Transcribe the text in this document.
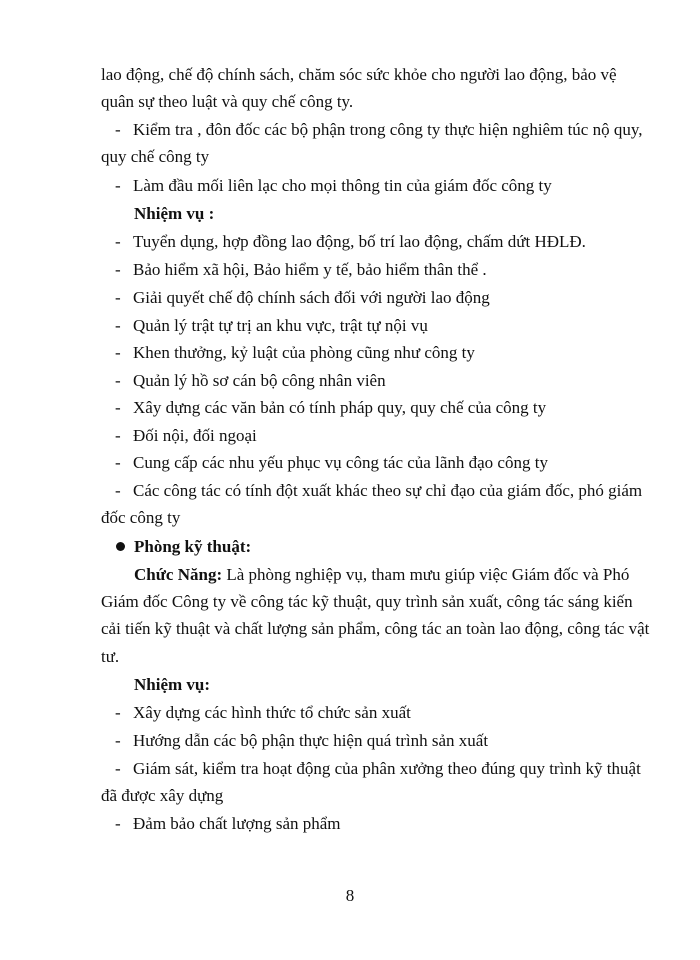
lao động, chế độ chính sách, chăm sóc sức khỏe cho người lao động, bảo vệ
quân sự theo luật và quy chế công ty.
- Kiểm tra , đôn đốc các bộ phận trong công ty thực hiện nghiêm túc nộ quy,
quy chế công ty
- Làm đầu mối liên lạc cho mọi thông tin của giám đốc công ty
Nhiệm vụ :
- Tuyển dụng, hợp đồng lao động, bố trí lao động, chấm dứt HĐLĐ.
- Bảo hiểm xã hội, Bảo hiểm y tế, bảo hiểm thân thể .
- Giải quyết chế độ chính sách đối với người lao động
- Quản lý trật tự trị an khu vực, trật tự nội vụ
- Khen thưởng, kỷ luật của phòng cũng như công ty
- Quản lý hồ sơ cán bộ công nhân viên
- Xây dựng các văn bản có tính pháp quy, quy chế của công ty
- Đối nội, đối ngoại
- Cung cấp các nhu yếu phục vụ công tác của lãnh đạo công ty
- Các công tác có tính đột xuất khác theo sự chỉ đạo của giám đốc, phó giám
đốc công ty
Phòng kỹ thuật:
Chức Năng: Là phòng nghiệp vụ, tham mưu giúp việc Giám đốc và Phó
Giám đốc Công ty về công tác kỹ thuật, quy trình sản xuất, công tác sáng kiến
cải tiến kỹ thuật và chất lượng sản phẩm, công tác an toàn lao động, công tác vật
tư.
Nhiệm vụ:
- Xây dựng các hình thức tổ chức sản xuất
- Hướng dẫn các bộ phận thực hiện quá trình sản xuất
- Giám sát, kiểm tra hoạt động của phân xưởng theo đúng quy trình kỹ thuật
đã được xây dựng
- Đảm bảo chất lượng sản phẩm
8
